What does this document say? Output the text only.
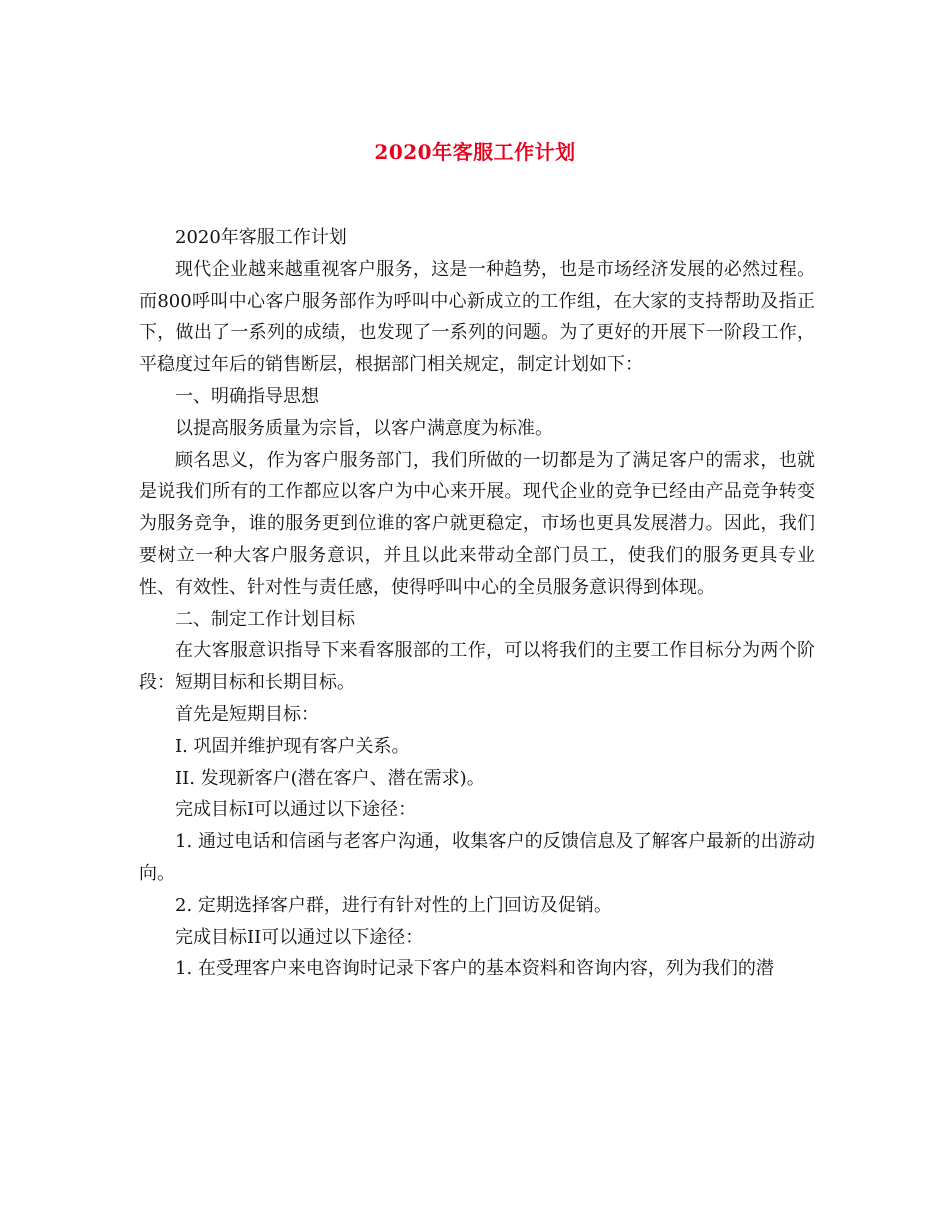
2020年客服工作计划

2020年客服工作计划

现代企业越来越重视客户服务，这是一种趋势，也是市场经济发展的必然过程。而800呼叫中心客户服务部作为呼叫中心新成立的工作组，在大家的支持帮助及指正下，做出了一系列的成绩，也发现了一系列的问题。为了更好的开展下一阶段工作，平稳度过年后的销售断层，根据部门相关规定，制定计划如下：

一、明确指导思想

以提高服务质量为宗旨，以客户满意度为标准。

顾名思义，作为客户服务部门，我们所做的一切都是为了满足客户的需求，也就是说我们所有的工作都应以客户为中心来开展。现代企业的竞争已经由产品竞争转变为服务竞争，谁的服务更到位谁的客户就更稳定，市场也更具发展潜力。因此，我们要树立一种大客户服务意识，并且以此来带动全部门员工，使我们的服务更具专业性、有效性、针对性与责任感，使得呼叫中心的全员服务意识得到体现。

二、制定工作计划目标

在大客服意识指导下来看客服部的工作，可以将我们的主要工作目标分为两个阶段：短期目标和长期目标。

首先是短期目标：

I. 巩固并维护现有客户关系。

II. 发现新客户(潜在客户、潜在需求)。

完成目标I可以通过以下途径：

1. 通过电话和信函与老客户沟通，收集客户的反馈信息及了解客户最新的出游动向。

2. 定期选择客户群，进行有针对性的上门回访及促销。

完成目标II可以通过以下途径：

1. 在受理客户来电咨询时记录下客户的基本资料和咨询内容，列为我们的潜
